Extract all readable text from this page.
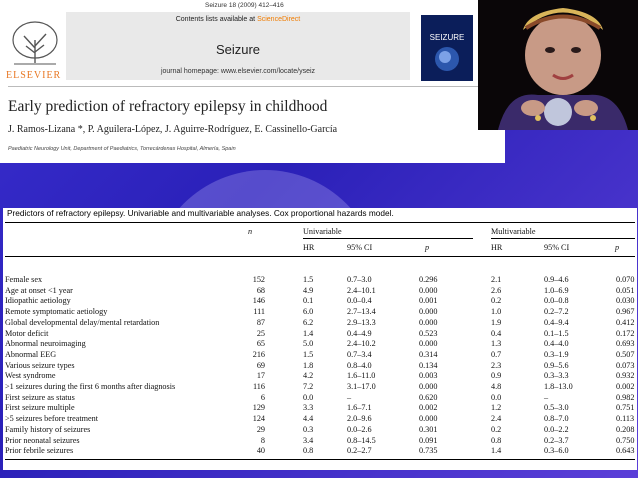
Seizure 18 (2009) 412–416
ELSEVIER
Contents lists available at ScienceDirect
Seizure
journal homepage: www.elsevier.com/locate/yseiz
SEIZURE
Early prediction of refractory epilepsy in childhood
J. Ramos-Lizana *, P. Aguilera-López, J. Aguirre-Rodríguez, E. Cassinello-García
Paediatric Neurology Unit, Department of Paediatrics, Torrecárdenas Hospital, Almería, Spain
Predictors of refractory epilepsy. Univariable and multivariable analyses. Cox proportional hazards model.
n	Univariable	Multivariable
HR	95% CI	p	HR	95% CI	p
Female sex	152	1.5	0.7–3.0	0.296	2.1	0.9–4.6	0.070
Age at onset <1 year	68	4.9	2.4–10.1	0.000	2.6	1.0–6.9	0.051
Idiopathic aetiology	146	0.1	0.0–0.4	0.001	0.2	0.0–0.8	0.030
Remote symptomatic aetiology	111	6.0	2.7–13.4	0.000	1.0	0.2–7.2	0.967
Global developmental delay/mental retardation	87	6.2	2.9–13.3	0.000	1.9	0.4–9.4	0.412
Motor deficit	25	1.4	0.4–4.9	0.523	0.4	0.1–1.5	0.172
Abnormal neuroimaging	65	5.0	2.4–10.2	0.000	1.3	0.4–4.0	0.693
Abnormal EEG	216	1.5	0.7–3.4	0.314	0.7	0.3–1.9	0.507
Various seizure types	69	1.8	0.8–4.0	0.134	2.3	0.9–5.6	0.073
West syndrome	17	4.2	1.6–11.0	0.003	0.9	0.3–3.3	0.932
>1 seizures during the first 6 months after diagnosis	116	7.2	3.1–17.0	0.000	4.8	1.8–13.0	0.002
First seizure as status	6	0.0	–	0.620	0.0	–	0.982
First seizure multiple	129	3.3	1.6–7.1	0.002	1.2	0.5–3.0	0.751
>5 seizures before treatment	124	4.4	2.0–9.6	0.000	2.4	0.8–7.0	0.113
Family history of seizures	29	0.3	0.0–2.6	0.301	0.2	0.0–2.2	0.208
Prior neonatal seizures	8	3.4	0.8–14.5	0.091	0.8	0.2–3.7	0.750
Prior febrile seizures	40	0.8	0.2–2.7	0.735	1.4	0.3–6.0	0.643
